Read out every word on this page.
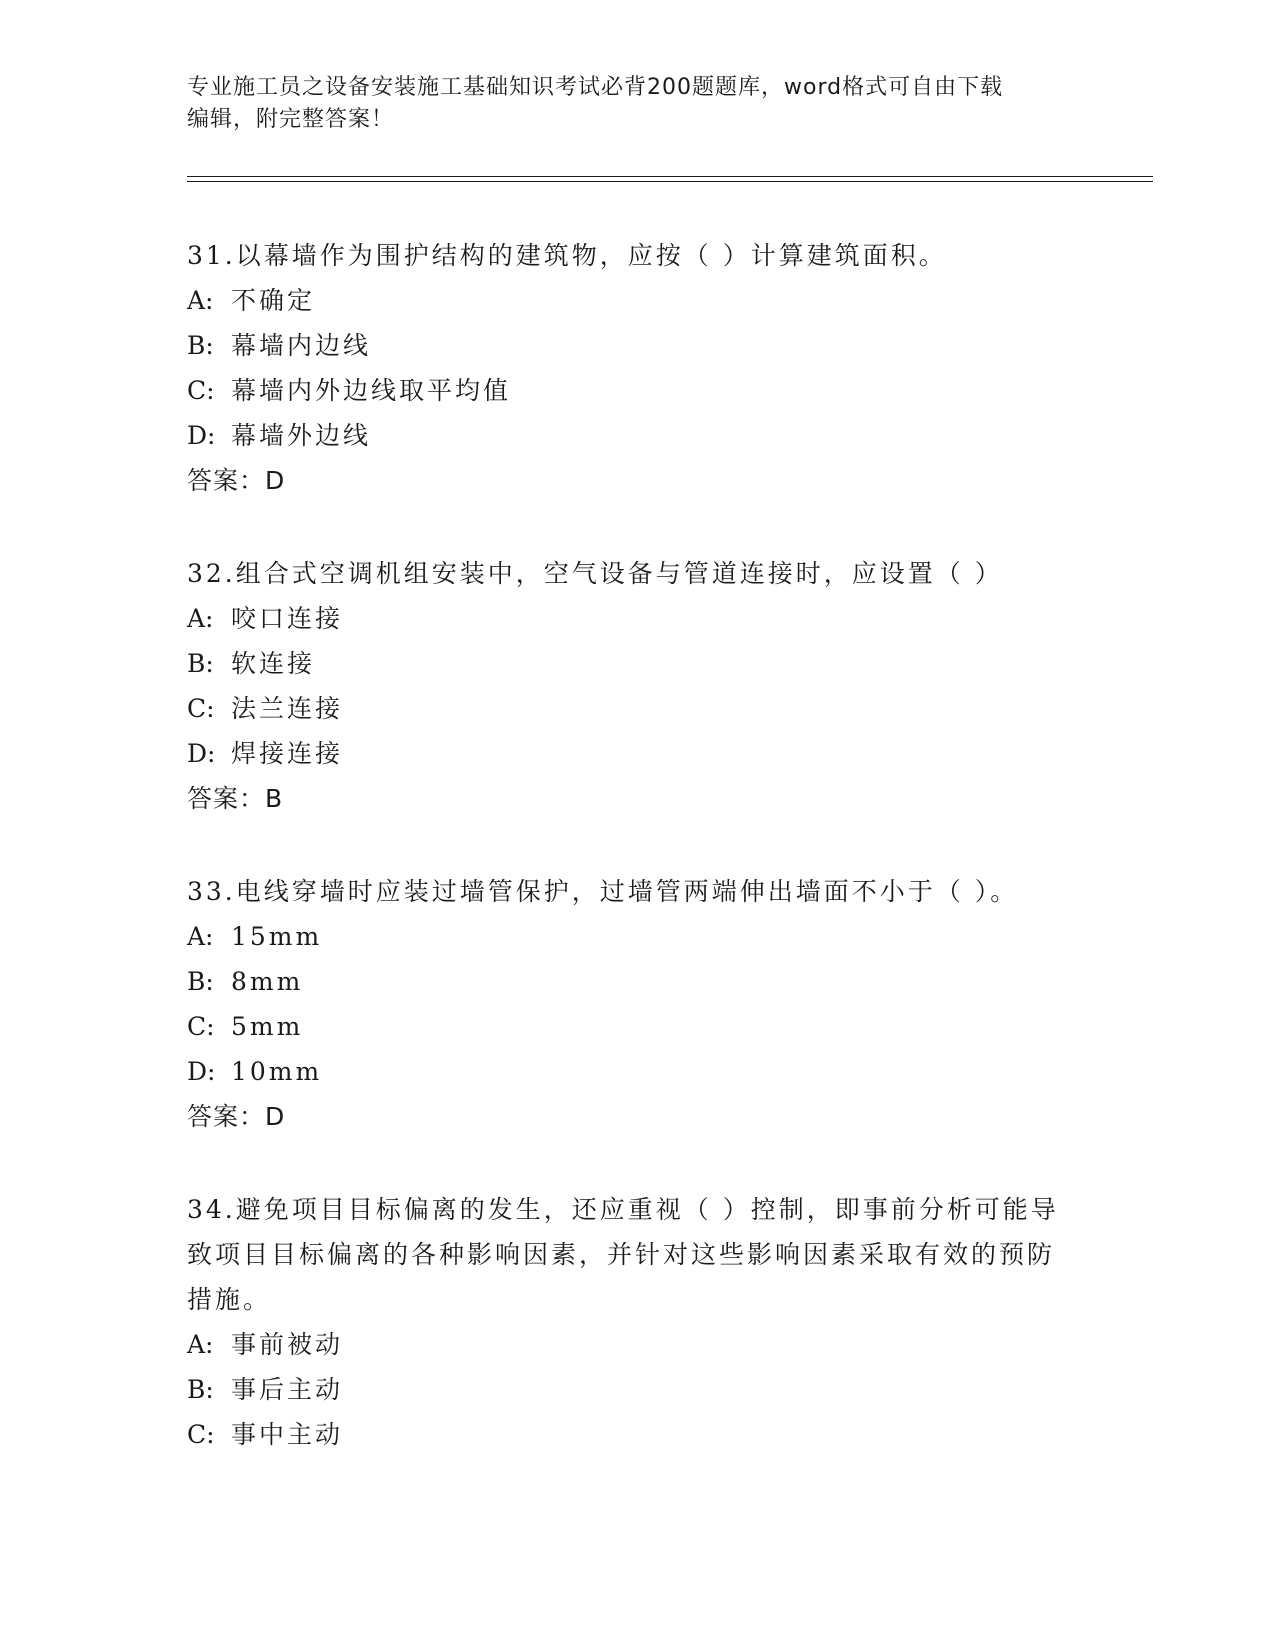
专业施工员之设备安装施工基础知识考试必背200题题库，word格式可自由下载
编辑，附完整答案！

31.以幕墙作为围护结构的建筑物，应按（ ）计算建筑面积。

A: 不确定

B: 幕墙内边线

C: 幕墙内外边线取平均值

D: 幕墙外边线

答案：D

32.组合式空调机组安装中，空气设备与管道连接时，应设置（ ）

A: 咬口连接

B: 软连接

C: 法兰连接

D: 焊接连接

答案：B

33.电线穿墙时应装过墙管保护，过墙管两端伸出墙面不小于（ ）。

A: 15mm

B: 8mm

C: 5mm

D: 10mm

答案：D

34.避免项目目标偏离的发生，还应重视（ ）控制，即事前分析可能导致项目目标偏离的各种影响因素，并针对这些影响因素采取有效的预防措施。

A: 事前被动

B: 事后主动

C: 事中主动
